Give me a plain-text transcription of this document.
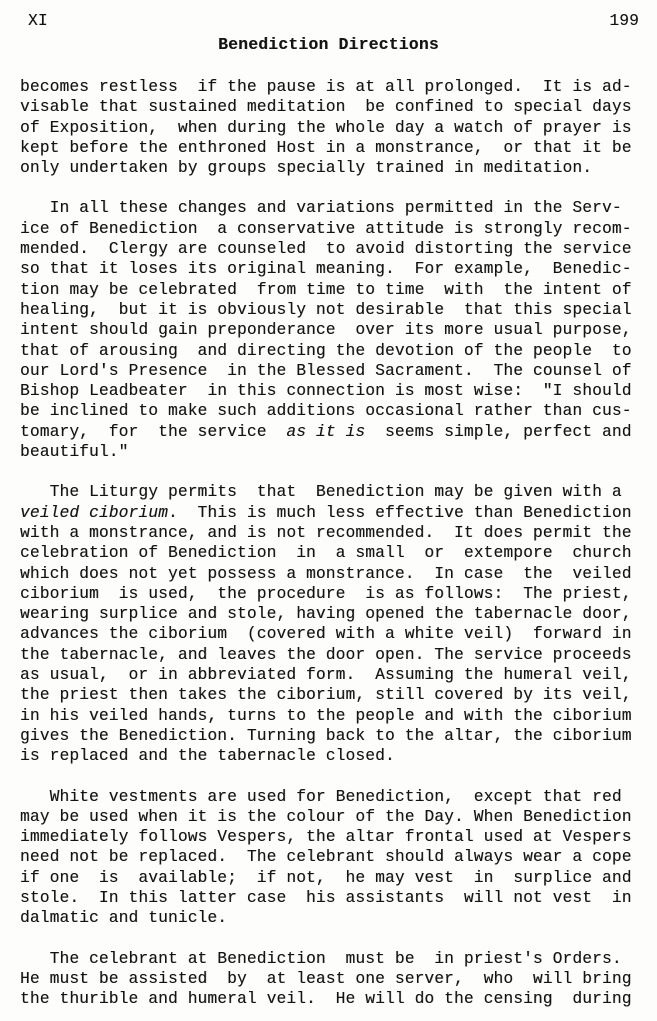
XI	199
Benediction Directions
becomes restless  if the pause is at all prolonged.  It is ad-
visable that sustained meditation  be confined to special days
of Exposition,  when during the whole day a watch of prayer is
kept before the enthroned Host in a monstrance,  or that it be
only undertaken by groups specially trained in meditation.
In all these changes and variations permitted in the Serv-
ice of Benediction  a conservative attitude is strongly recom-
mended.  Clergy are counseled  to avoid distorting the service
so that it loses its original meaning.  For example,  Benedic-
tion may be celebrated  from time to time  with  the intent of
healing,  but it is obviously not desirable  that this special
intent should gain preponderance  over its more usual purpose,
that of arousing  and directing the devotion of the people  to
our Lord's Presence  in the Blessed Sacrament.  The counsel of
Bishop Leadbeater  in this connection is most wise:  "I should
be inclined to make such additions occasional rather than cus-
tomary,  for  the service  as it is  seems simple, perfect and
beautiful."
The Liturgy permits  that  Benediction may be given with a
veiled ciborium.  This is much less effective than Benediction
with a monstrance, and is not recommended.  It does permit the
celebration of Benediction  in  a small  or  extempore  church
which does not yet possess a monstrance.  In case  the  veiled
ciborium  is used,  the procedure  is as follows:  The priest,
wearing surplice and stole, having opened the tabernacle door,
advances the ciborium  (covered with a white veil)  forward in
the tabernacle, and leaves the door open. The service proceeds
as usual,  or in abbreviated form.  Assuming the humeral veil,
the priest then takes the ciborium, still covered by its veil,
in his veiled hands, turns to the people and with the ciborium
gives the Benediction. Turning back to the altar, the ciborium
is replaced and the tabernacle closed.
White vestments are used for Benediction,  except that red
may be used when it is the colour of the Day. When Benediction
immediately follows Vespers, the altar frontal used at Vespers
need not be replaced.  The celebrant should always wear a cope
if one  is  available;  if not,  he may vest  in  surplice and
stole.  In this latter case  his assistants  will not vest  in
dalmatic and tunicle.
The celebrant at Benediction  must be  in priest's Orders.
He must be assisted  by  at least one server,  who  will bring
the thurible and humeral veil.  He will do the censing  during
